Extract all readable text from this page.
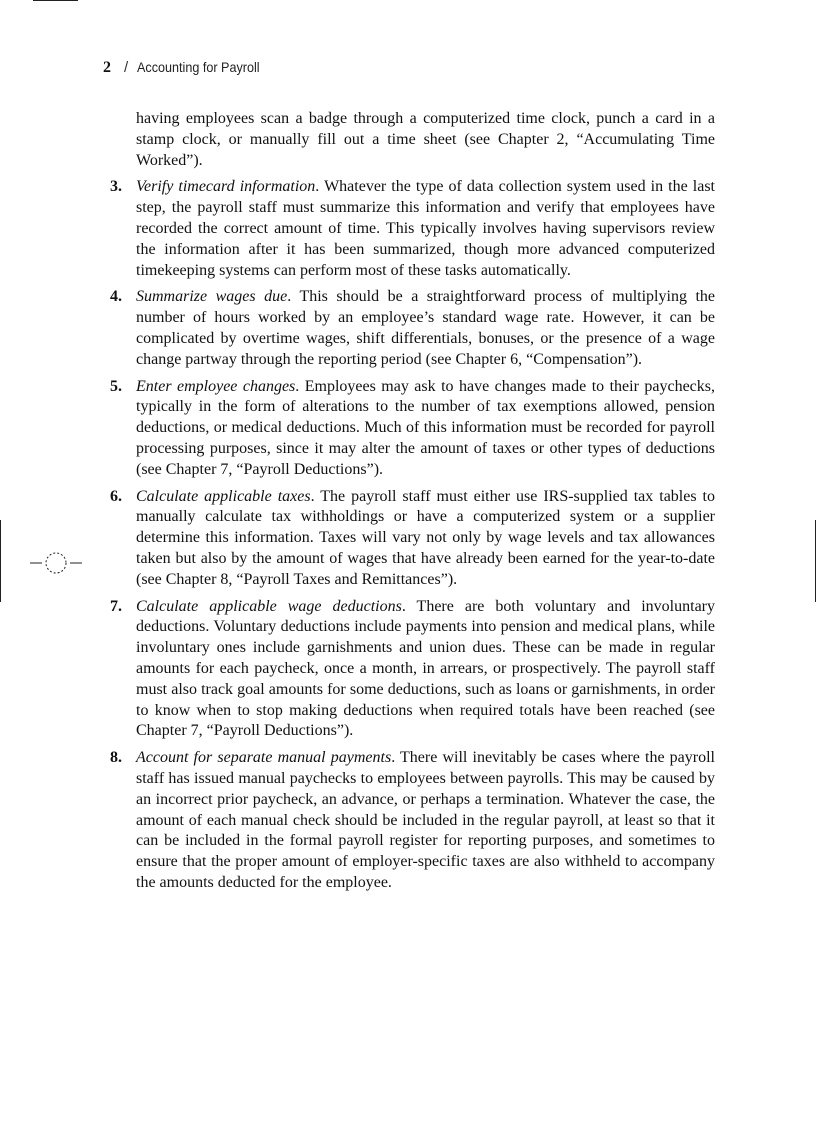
2 / Accounting for Payroll
having employees scan a badge through a computerized time clock, punch a card in a stamp clock, or manually fill out a time sheet (see Chapter 2, “Accumulating Time Worked”).
3. Verify timecard information. Whatever the type of data collection system used in the last step, the payroll staff must summarize this information and verify that employees have recorded the correct amount of time. This typically involves having supervisors review the information after it has been summarized, though more advanced computerized timekeeping systems can perform most of these tasks automatically.
4. Summarize wages due. This should be a straightforward process of multiplying the number of hours worked by an employee’s standard wage rate. However, it can be complicated by overtime wages, shift differentials, bonuses, or the presence of a wage change partway through the reporting period (see Chapter 6, “Compensation”).
5. Enter employee changes. Employees may ask to have changes made to their paychecks, typically in the form of alterations to the number of tax exemptions allowed, pension deductions, or medical deductions. Much of this information must be recorded for payroll processing purposes, since it may alter the amount of taxes or other types of deductions (see Chapter 7, “Payroll Deductions”).
6. Calculate applicable taxes. The payroll staff must either use IRS-supplied tax tables to manually calculate tax withholdings or have a computerized system or a supplier determine this information. Taxes will vary not only by wage levels and tax allowances taken but also by the amount of wages that have already been earned for the year-to-date (see Chapter 8, “Payroll Taxes and Remittances”).
7. Calculate applicable wage deductions. There are both voluntary and involuntary deductions. Voluntary deductions include payments into pension and medical plans, while involuntary ones include garnishments and union dues. These can be made in regular amounts for each paycheck, once a month, in arrears, or prospectively. The payroll staff must also track goal amounts for some deductions, such as loans or garnishments, in order to know when to stop making deductions when required totals have been reached (see Chapter 7, “Payroll Deductions”).
8. Account for separate manual payments. There will inevitably be cases where the payroll staff has issued manual paychecks to employees between payrolls. This may be caused by an incorrect prior paycheck, an advance, or perhaps a termination. Whatever the case, the amount of each manual check should be included in the regular payroll, at least so that it can be included in the formal payroll register for reporting purposes, and sometimes to ensure that the proper amount of employer-specific taxes are also withheld to accompany the amounts deducted for the employee.
